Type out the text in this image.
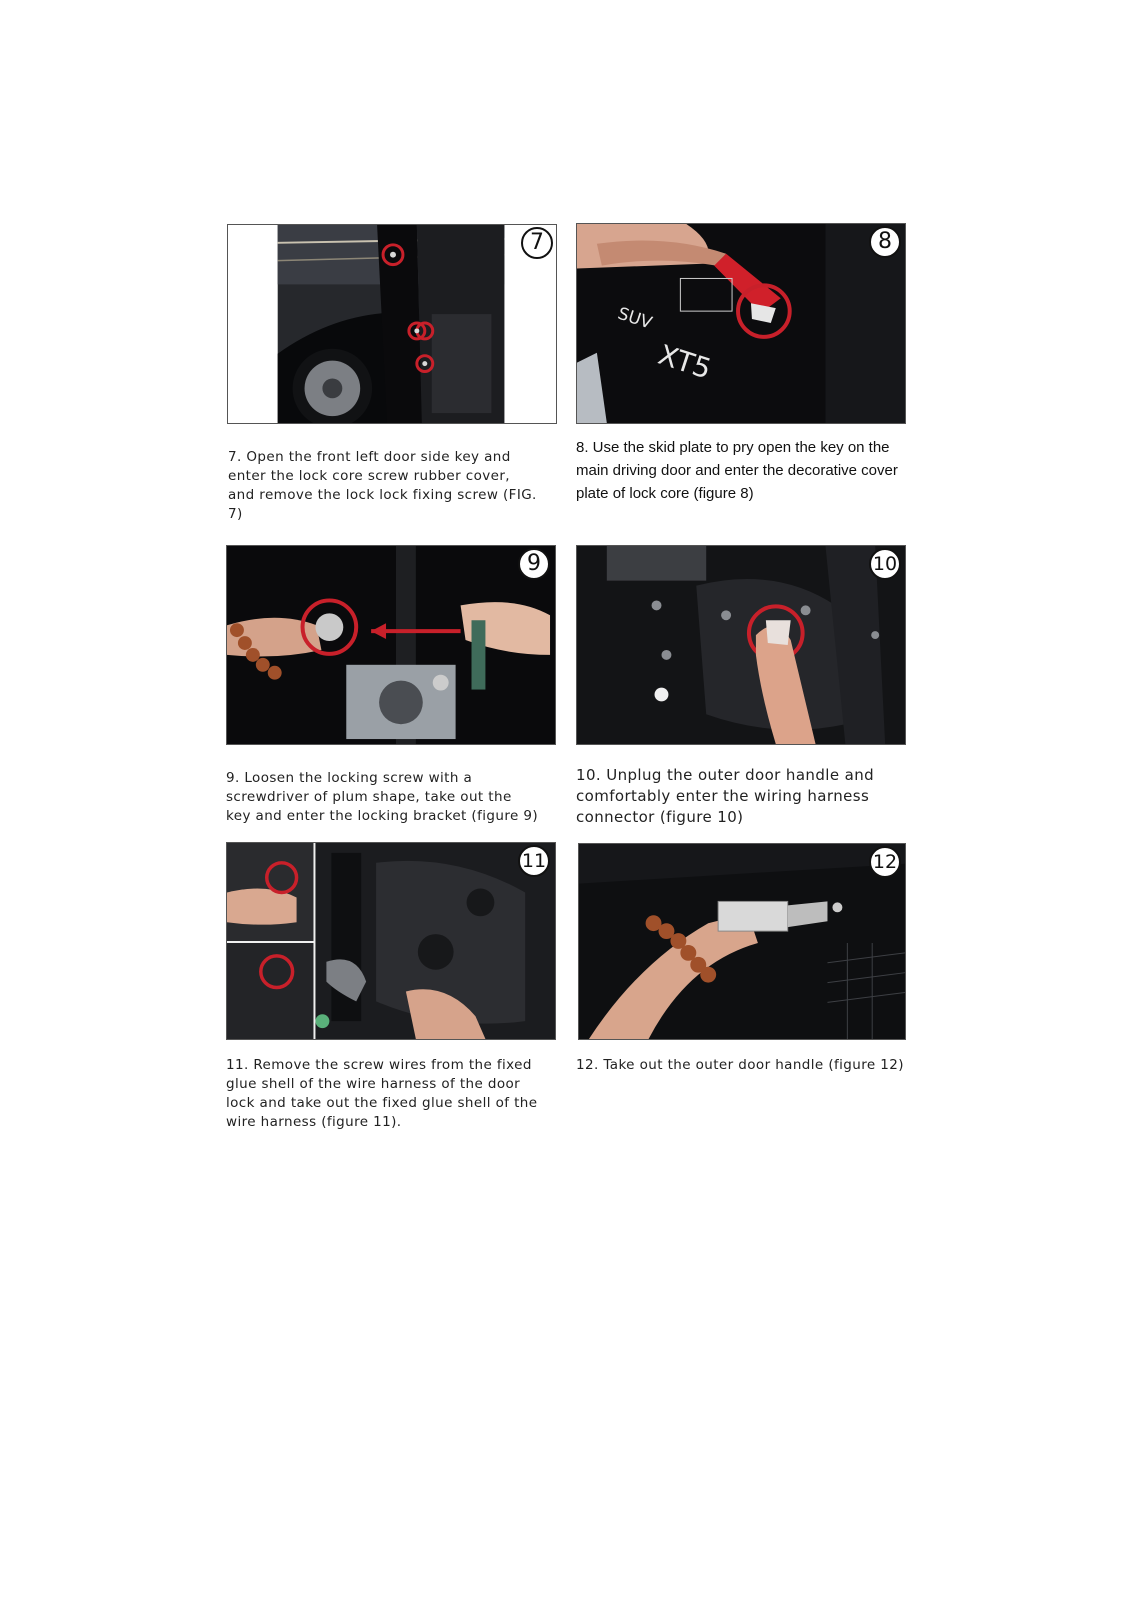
7
7. Open the front left door side key and enter the lock core screw rubber cover, and remove the lock lock fixing screw (FIG. 7)
SUV
XT5
8
8. Use the skid plate to pry open the key on the main driving door and enter the decorative cover plate of lock core (figure 8)
9
9. Loosen the locking screw with a screwdriver of plum shape, take out the key and enter the locking bracket (figure 9)
10
10. Unplug the outer door handle and comfortably enter the wiring harness connector (figure 10)
11
11. Remove the screw wires from the fixed glue shell of the wire harness of the door lock and take out the fixed glue shell of the wire harness (figure 11).
12
12. Take out the outer door handle (figure 12)
